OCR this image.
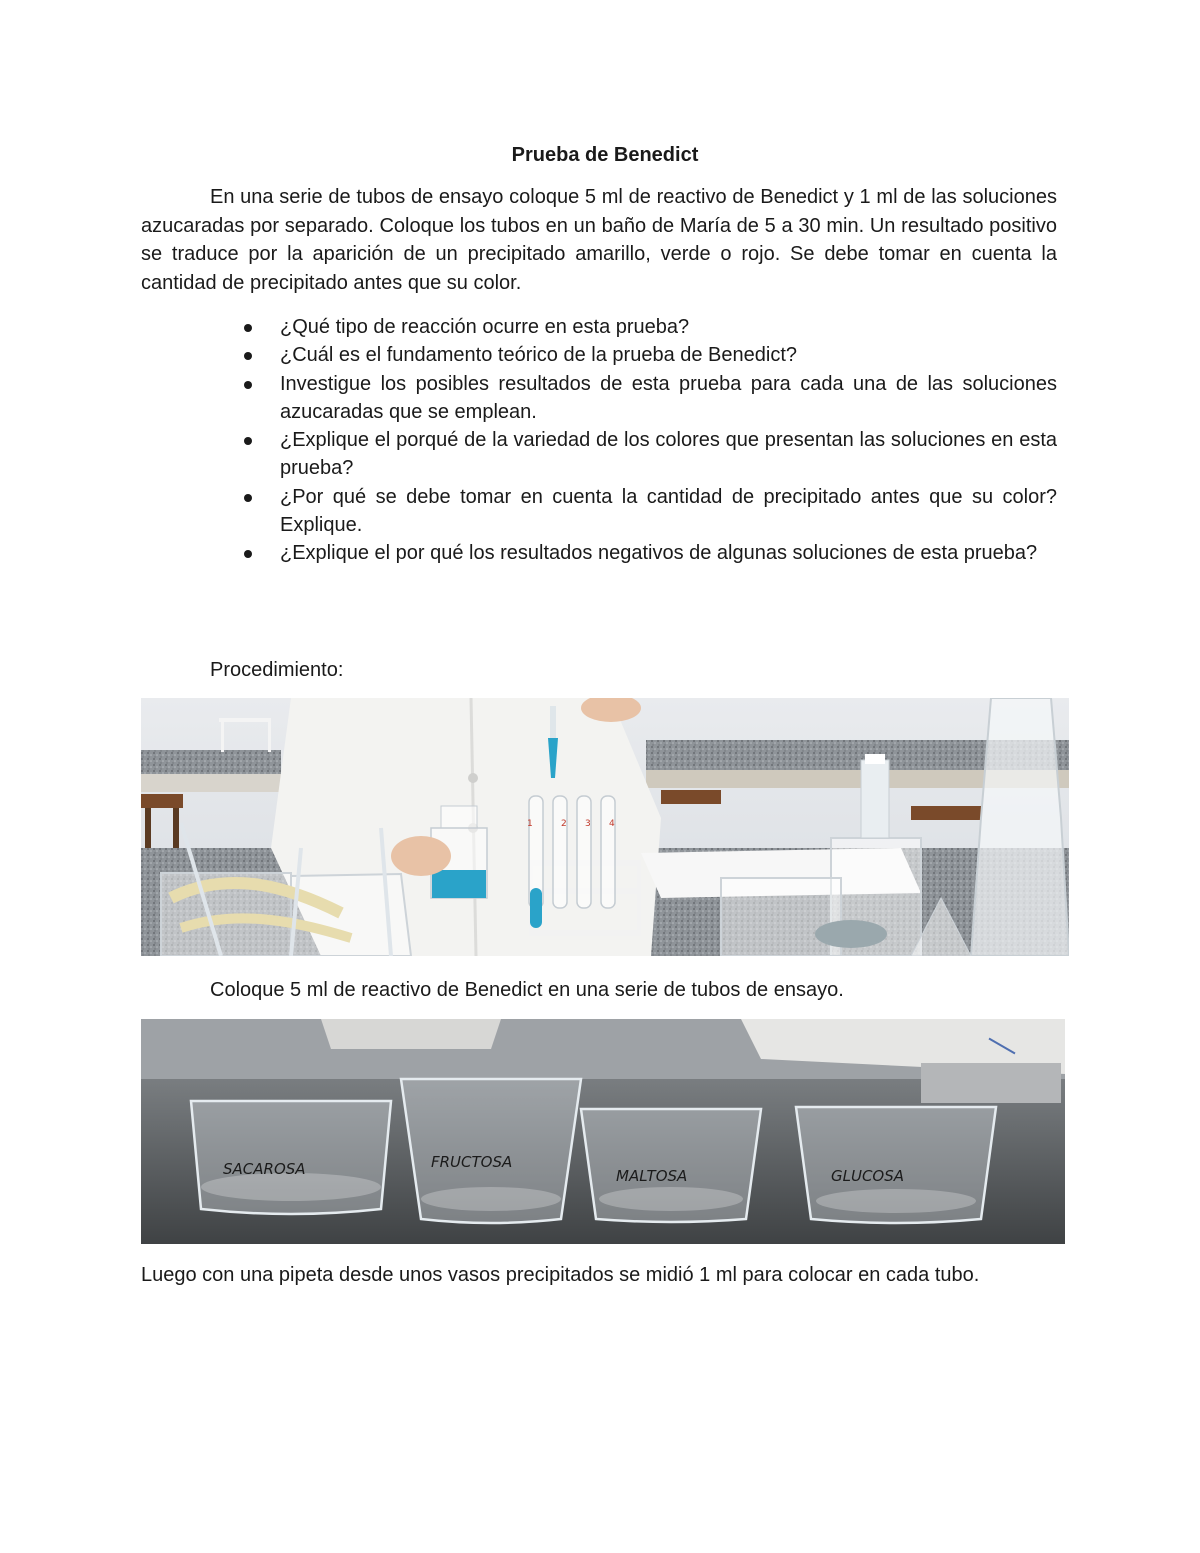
Prueba de Benedict

En una serie de tubos de ensayo coloque 5 ml de reactivo de Benedict y 1 ml de las soluciones azucaradas por separado. Coloque los tubos en un baño de María de 5 a 30 min. Un resultado positivo se traduce por la aparición de un precipitado amarillo, verde o rojo. Se debe tomar en cuenta la cantidad de precipitado antes que su color.

¿Qué tipo de reacción ocurre en esta prueba?
¿Cuál es el fundamento teórico de la prueba de Benedict?
Investigue los posibles resultados de esta prueba para cada una de las soluciones azucaradas que se emplean.
¿Explique el porqué de la variedad de los colores que presentan las soluciones en esta prueba?
¿Por qué se debe tomar en cuenta la cantidad de precipitado antes que su color? Explique.
¿Explique el por qué los resultados negativos de algunas soluciones de esta prueba?
Procedimiento:
1	2 3 4
Coloque 5 ml de reactivo de Benedict en una serie de tubos de ensayo.
SACAROSA	FRUCTOSA
MALTOSA	GLUCOSA
Luego con una pipeta desde unos vasos precipitados se midió 1 ml para colocar en cada tubo.
